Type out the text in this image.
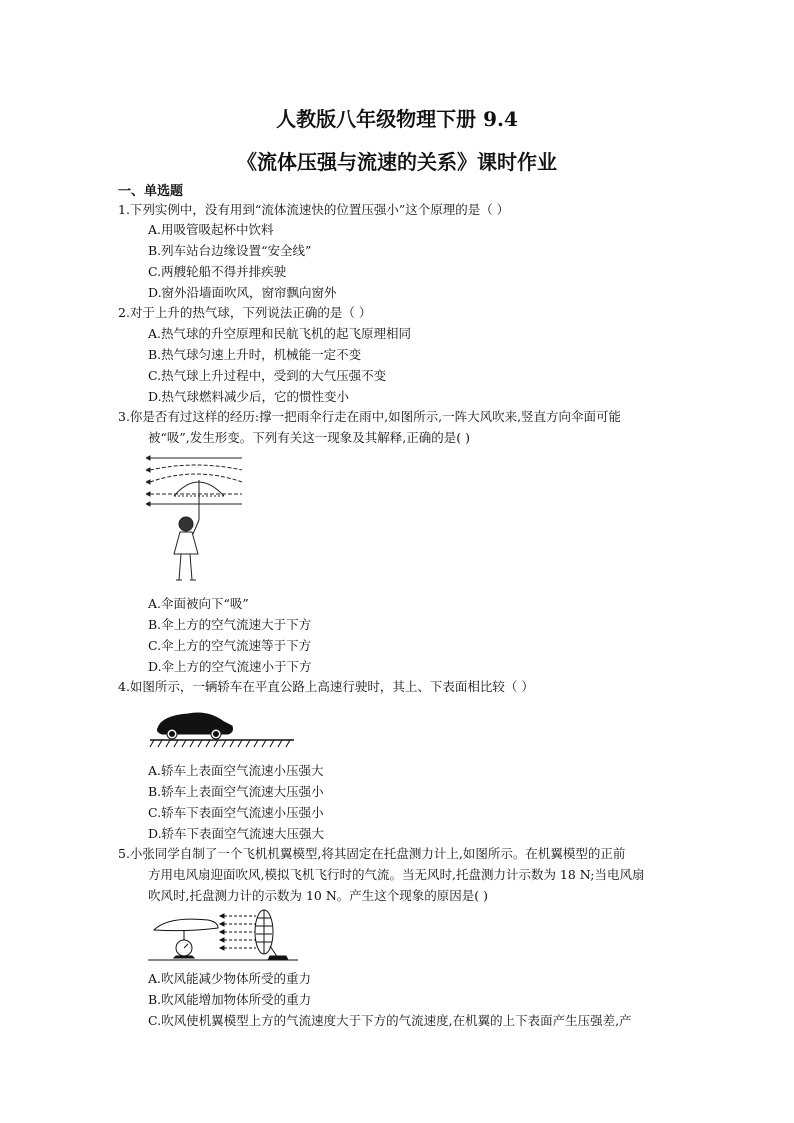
人教版八年级物理下册 9.4
《流体压强与流速的关系》课时作业
一、单选题
1.下列实例中，没有用到“流体流速快的位置压强小”这个原理的是（ ）
A.用吸管吸起杯中饮料
B.列车站台边缘设置“安全线”
C.两艘轮船不得并排疾驶
D.窗外沿墙面吹风，窗帘飘向窗外
2.对于上升的热气球，下列说法正确的是（ ）
A.热气球的升空原理和民航飞机的起飞原理相同
B.热气球匀速上升时，机械能一定不变
C.热气球上升过程中，受到的大气压强不变
D.热气球燃料减少后，它的惯性变小
3.你是否有过这样的经历:撑一把雨伞行走在雨中,如图所示,一阵大风吹来,竖直方向伞面可能
被“吸”,发生形变。下列有关这一现象及其解释,正确的是( )
A.伞面被向下“吸”
B.伞上方的空气流速大于下方
C.伞上方的空气流速等于下方
D.伞上方的空气流速小于下方
4.如图所示，一辆轿车在平直公路上高速行驶时，其上、下表面相比较（ ）
A.轿车上表面空气流速小压强大
B.轿车上表面空气流速大压强小
C.轿车下表面空气流速小压强小
D.轿车下表面空气流速大压强大
5.小张同学自制了一个飞机机翼模型,将其固定在托盘测力计上,如图所示。在机翼模型的正前
方用电风扇迎面吹风,模拟飞机飞行时的气流。当无风时,托盘测力计示数为 18 N;当电风扇
吹风时,托盘测力计的示数为 10 N。产生这个现象的原因是( )
A.吹风能减少物体所受的重力
B.吹风能增加物体所受的重力
C.吹风使机翼模型上方的气流速度大于下方的气流速度,在机翼的上下表面产生压强差,产
